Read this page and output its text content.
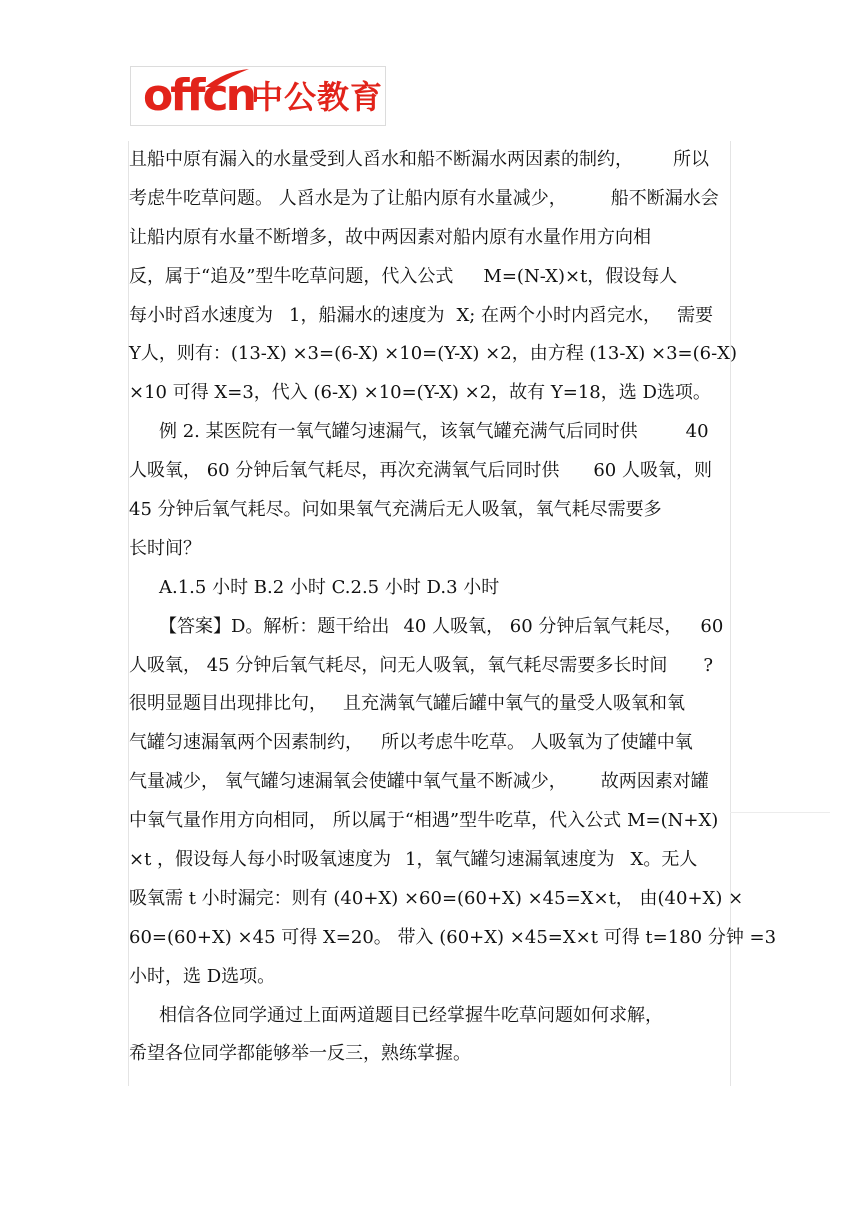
offcn
中公教育
且船中原有漏入的水量受到人舀水和船不断漏水两因素的制约， 所以
考虑牛吃草问题。 人舀水是为了让船内原有水量减少， 船不断漏水会
让船内原有水量不断增多，故中两因素对船内原有水量作用方向相
反，属于“追及”型牛吃草问题，代入公式 M=(N-X)×t，假设每人
每小时舀水速度为 1，船漏水的速度为 X; 在两个小时内舀完水， 需要
Y人，则有：(13-X) ×3=(6-X) ×10=(Y-X) ×2，由方程 (13-X) ×3=(6-X)
×10 可得 X=3，代入 (6-X) ×10=(Y-X) ×2，故有 Y=18，选 D选项。
例 2. 某医院有一氧气罐匀速漏气，该氧气罐充满气后同时供	40
人吸氧， 60 分钟后氧气耗尽，再次充满氧气后同时供 60 人吸氧，则
45 分钟后氧气耗尽。问如果氧气充满后无人吸氧，氧气耗尽需要多
长时间？
A.1.5 小时 B.2 小时 C.2.5 小时 D.3 小时
【答案】D。解析：题干给出 40 人吸氧， 60 分钟后氧气耗尽， 60
人吸氧， 45 分钟后氧气耗尽，问无人吸氧，氧气耗尽需要多长时间 ?
很明显题目出现排比句， 且充满氧气罐后罐中氧气的量受人吸氧和氧
气罐匀速漏氧两个因素制约， 所以考虑牛吃草。 人吸氧为了使罐中氧
气量减少， 氧气罐匀速漏氧会使罐中氧气量不断减少， 故两因素对罐
中氧气量作用方向相同， 所以属于“相遇”型牛吃草，代入公式 M=(N+X)
×t ，假设每人每小时吸氧速度为 1，氧气罐匀速漏氧速度为 X。无人
吸氧需 t 小时漏完：则有 (40+X) ×60=(60+X) ×45=X×t， 由(40+X) ×
60=(60+X) ×45 可得 X=20。 带入 (60+X) ×45=X×t 可得 t=180 分钟 =3
小时，选 D选项。
相信各位同学通过上面两道题目已经掌握牛吃草问题如何求解，
希望各位同学都能够举一反三，熟练掌握。
